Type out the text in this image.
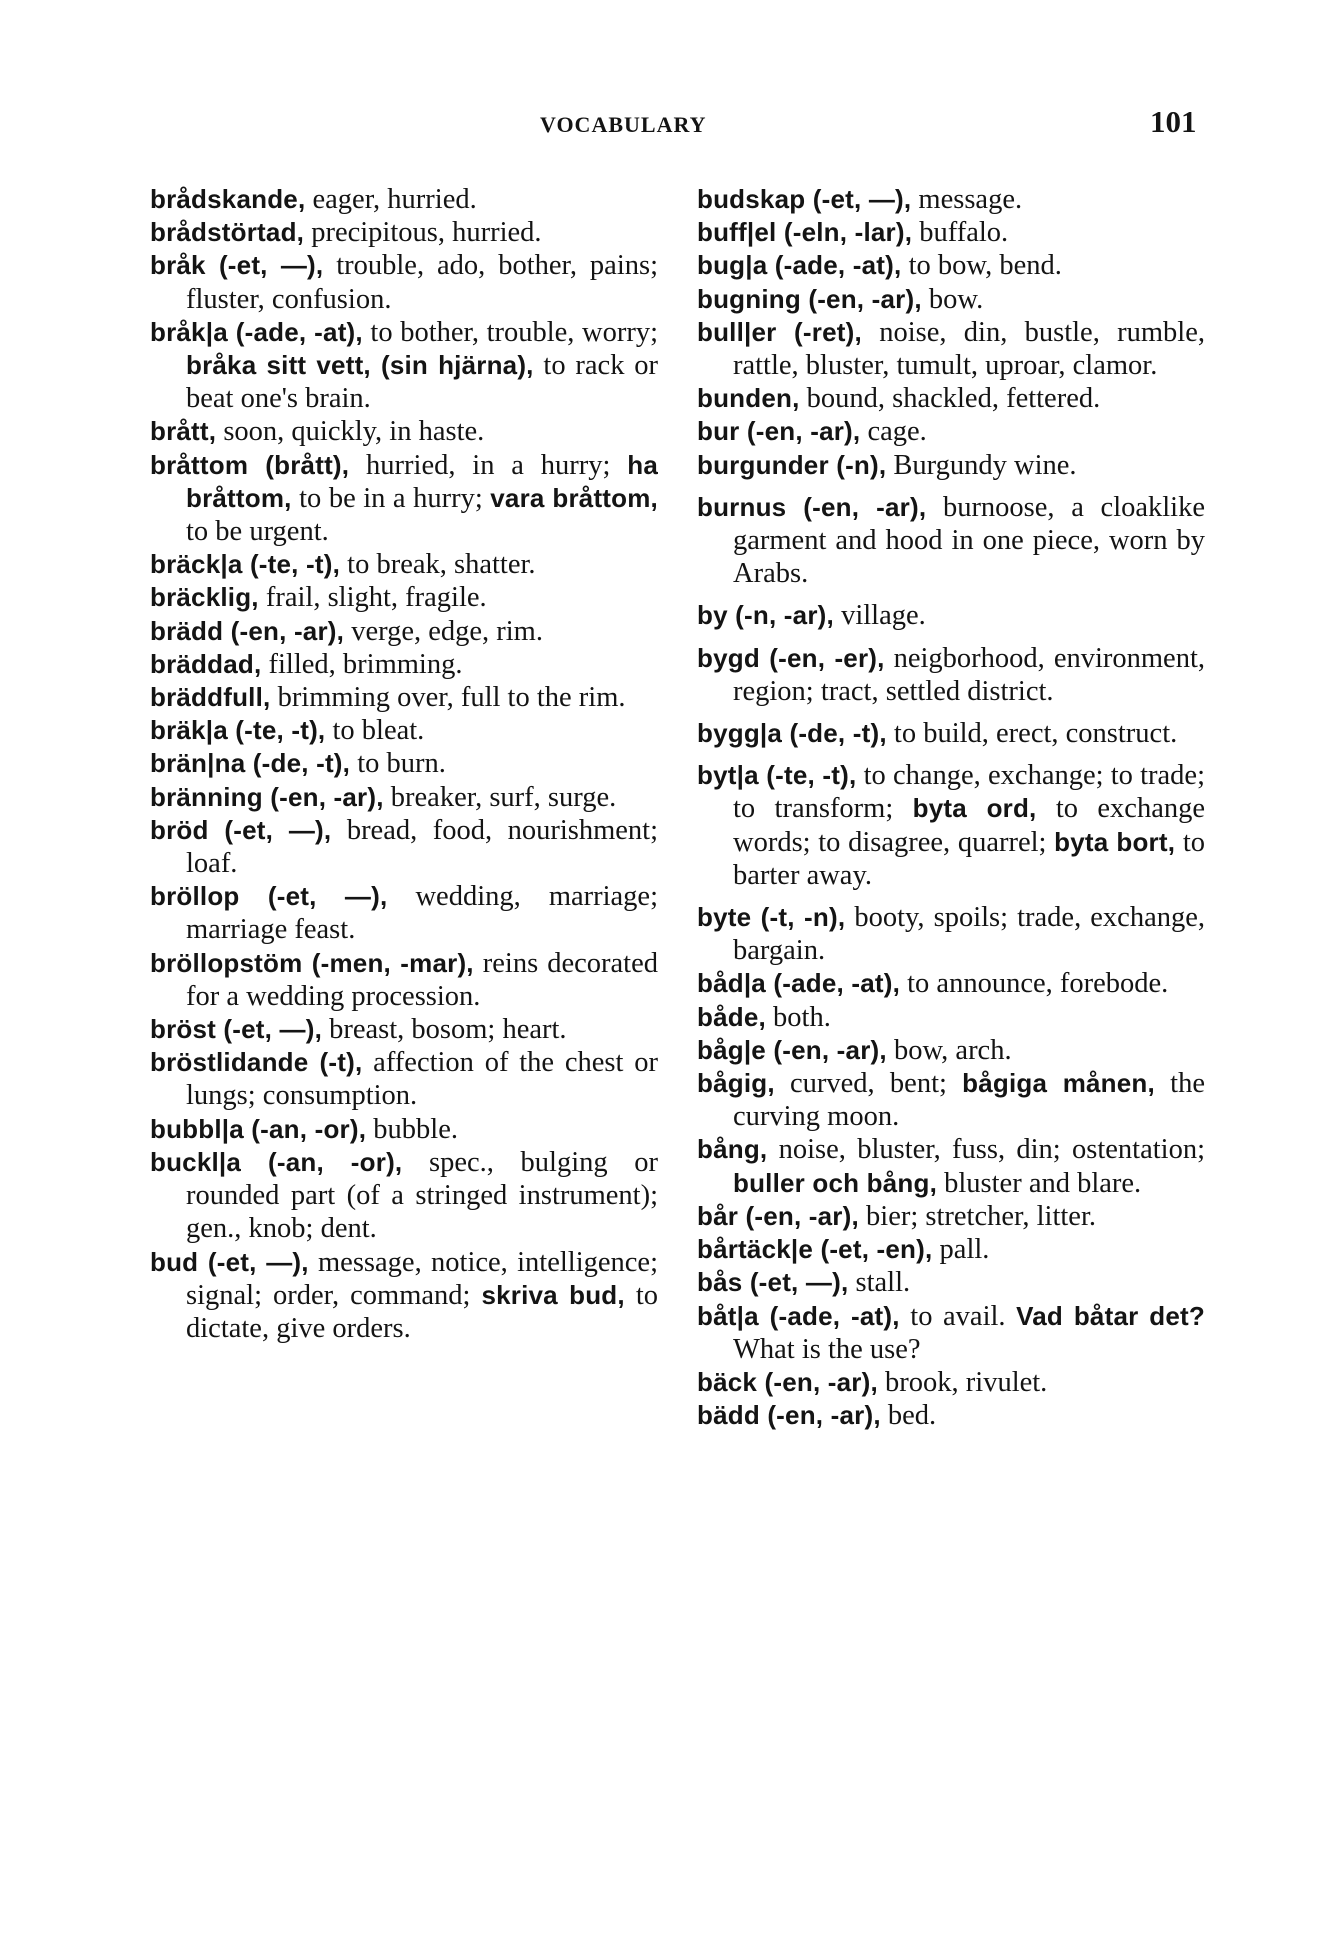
VOCABULARY	101
brådskande, eager, hurried.
brådstörtad, precipitous, hurried.
bråk (-et, —), trouble, ado, bother, pains; fluster, confusion.
bråk|a (-ade, -at), to bother, trouble, worry; bråka sitt vett, (sin hjärna), to rack or beat one's brain.
brått, soon, quickly, in haste.
bråttom (brått), hurried, in a hurry; ha bråttom, to be in a hurry; vara bråttom, to be urgent.
bräck|a (-te, -t), to break, shatter.
bräcklig, frail, slight, fragile.
brädd (-en, -ar), verge, edge, rim.
bräddad, filled, brimming.
bräddfull, brimming over, full to the rim.
bräk|a (-te, -t), to bleat.
brän|na (-de, -t), to burn.
bränning (-en, -ar), breaker, surf, surge.
bröd (-et, —), bread, food, nourishment; loaf.
bröllop (-et, —), wedding, marriage; marriage feast.
bröllopstöm (-men, -mar), reins decorated for a wedding procession.
bröst (-et, —), breast, bosom; heart.
bröstlidande (-t), affection of the chest or lungs; consumption.
bubbl|a (-an, -or), bubble.
buckl|a (-an, -or), spec., bulging or rounded part (of a stringed instrument); gen., knob; dent.
bud (-et, —), message, notice, intelligence; signal; order, command; skriva bud, to dictate, give orders.
budskap (-et, —), message.
buff|el (-eln, -lar), buffalo.
bug|a (-ade, -at), to bow, bend.
bugning (-en, -ar), bow.
bull|er (-ret), noise, din, bustle, rumble, rattle, bluster, tumult, uproar, clamor.
bunden, bound, shackled, fettered.
bur (-en, -ar), cage.
burgunder (-n), Burgundy wine.
burnus (-en, -ar), burnoose, a cloaklike garment and hood in one piece, worn by Arabs.
by (-n, -ar), village.
bygd (-en, -er), neigborhood, environment, region; tract, settled district.
bygg|a (-de, -t), to build, erect, construct.
byt|a (-te, -t), to change, exchange; to trade; to transform; byta ord, to exchange words; to disagree, quarrel; byta bort, to barter away.
byte (-t, -n), booty, spoils; trade, exchange, bargain.
båd|a (-ade, -at), to announce, forebode.
både, both.
båg|e (-en, -ar), bow, arch.
bågig, curved, bent; bågiga månen, the curving moon.
bång, noise, bluster, fuss, din; ostentation; buller och bång, bluster and blare.
bår (-en, -ar), bier; stretcher, litter.
bårtäck|e (-et, -en), pall.
bås (-et, —), stall.
båt|a (-ade, -at), to avail. Vad båtar det? What is the use?
bäck (-en, -ar), brook, rivulet.
bädd (-en, -ar), bed.
